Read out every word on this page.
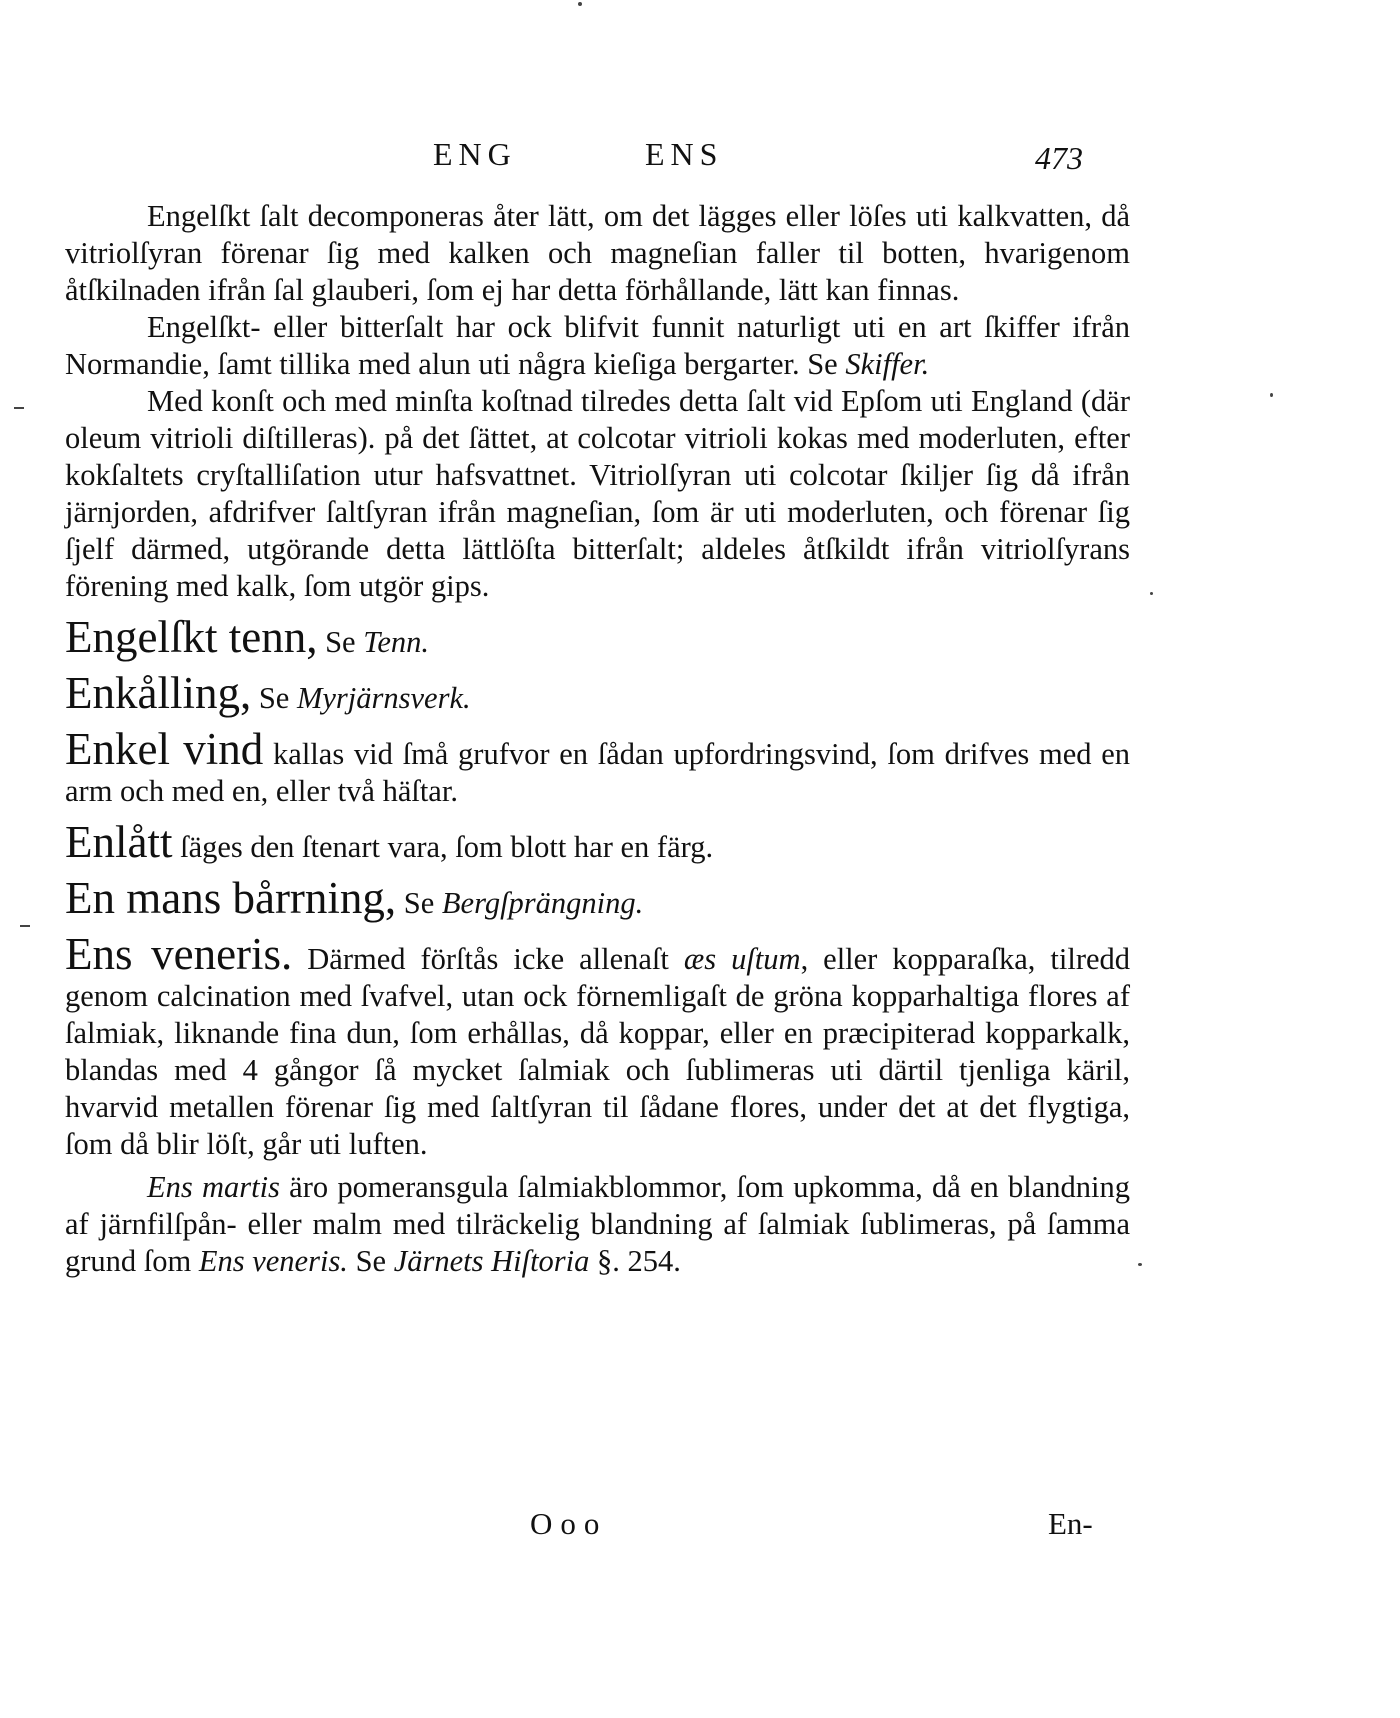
ENG	ENS	473

Engelſkt ſalt decomponeras åter lätt, om det lägges eller löſes uti kalkvatten, då vitriolſyran förenar ſig med kalken och magneſian faller til botten, hvarigenom åtſkilnaden ifrån ſal glauberi, ſom ej har detta förhållande, lätt kan finnas.

Engelſkt- eller bitterſalt har ock blifvit funnit naturligt uti en art ſkiffer ifrån Normandie, ſamt tillika med alun uti några kieſiga bergarter. Se Skiffer.

Med konſt och med minſta koſtnad tilredes detta ſalt vid Epſom uti England (där oleum vitrioli diſtilleras). på det ſättet, at colcotar vitrioli kokas med moderluten, efter kokſaltets cryſtalliſation utur hafsvattnet. Vitriolſyran uti colcotar ſkiljer ſig då ifrån järnjorden, afdrifver ſaltſyran ifrån magneſian, ſom är uti moderluten, och förenar ſig ſjelf därmed, utgörande detta lättlöſta bitterſalt; aldeles åtſkildt ifrån vitriolſyrans förening med kalk, ſom utgör gips.

Engelſkt tenn, Se Tenn.

Enkålling, Se Myrjärnsverk.

Enkel vind kallas vid ſmå grufvor en ſådan upfordringsvind, ſom drifves med en arm och med en, eller två häſtar.

Enlått ſäges den ſtenart vara, ſom blott har en färg.

En mans bårrning, Se Bergſprängning.

Ens veneris. Därmed förſtås icke allenaſt æs uſtum, eller kopparaſka, tilredd genom calcination med ſvafvel, utan ock förnemligaſt de gröna kopparhaltiga flores af ſalmiak, liknande fina dun, ſom erhållas, då koppar, eller en præcipiterad kopparkalk, blandas med 4 gångor ſå mycket ſalmiak och ſublimeras uti därtil tjenliga käril, hvarvid metallen förenar ſig med ſaltſyran til ſådane flores, under det at det flygtiga, ſom då blir löſt, går uti luften.

Ens martis äro pomeransgula ſalmiakblommor, ſom upkomma, då en blandning af järnfilſpån- eller malm med tilräckelig blandning af ſalmiak ſublimeras, på ſamma grund ſom Ens veneris. Se Järnets Hiſtoria §. 254.

Ooo	En-
